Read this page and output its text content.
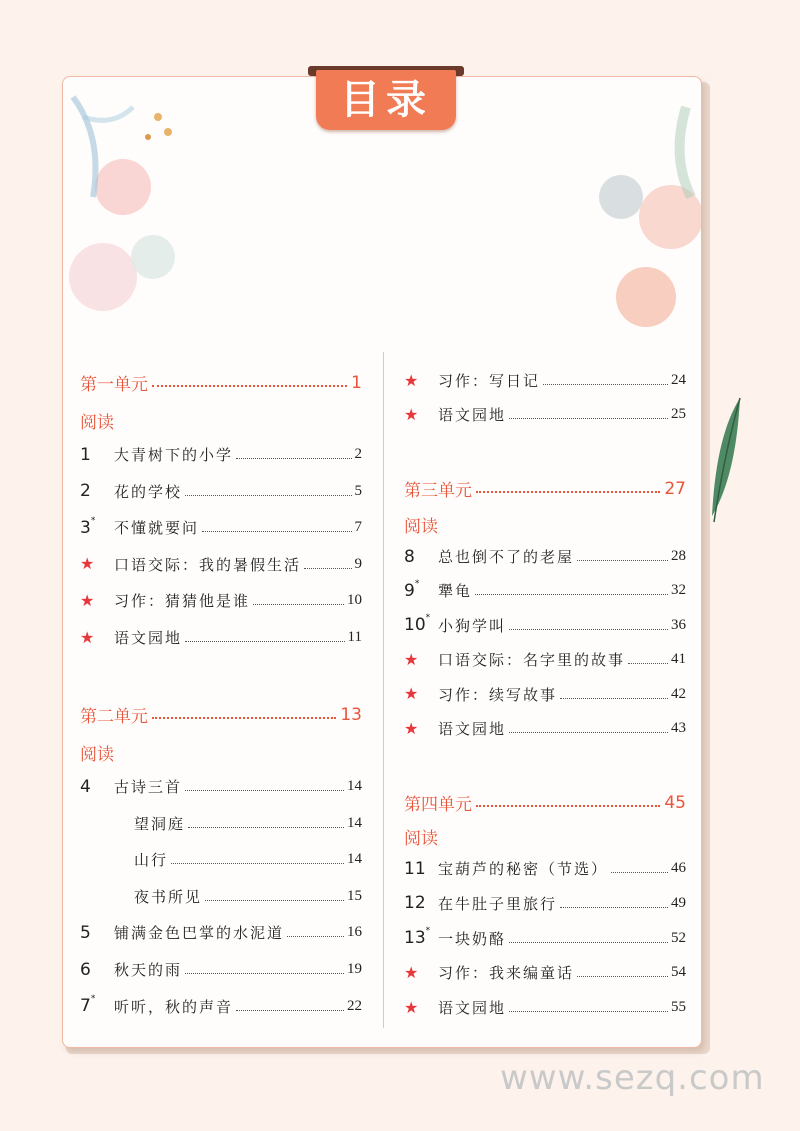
目录
第一单元	1
阅读
1	大青树下的小学	2
2	花的学校	5
3*	不懂就要问	7
★	口语交际：我的暑假生活	9
★	习作：猜猜他是谁	10
★	语文园地	11
第二单元	13
阅读
4	古诗三首	14
望洞庭	14
山行	14
夜书所见	15
5	铺满金色巴掌的水泥道	16
6	秋天的雨	19
7*	听听，秋的声音	22
★	习作：写日记	24
★	语文园地	25
第三单元	27
阅读
8	总也倒不了的老屋	28
9*	犟龟	32
10* 小狗学叫	36
★	口语交际：名字里的故事	41
★	习作：续写故事	42
★	语文园地	43
第四单元	45
阅读
11 宝葫芦的秘密（节选）	46
12 在牛肚子里旅行	49
13* 一块奶酪	52
★	习作：我来编童话	54
★	语文园地	55
www.sezq.com
